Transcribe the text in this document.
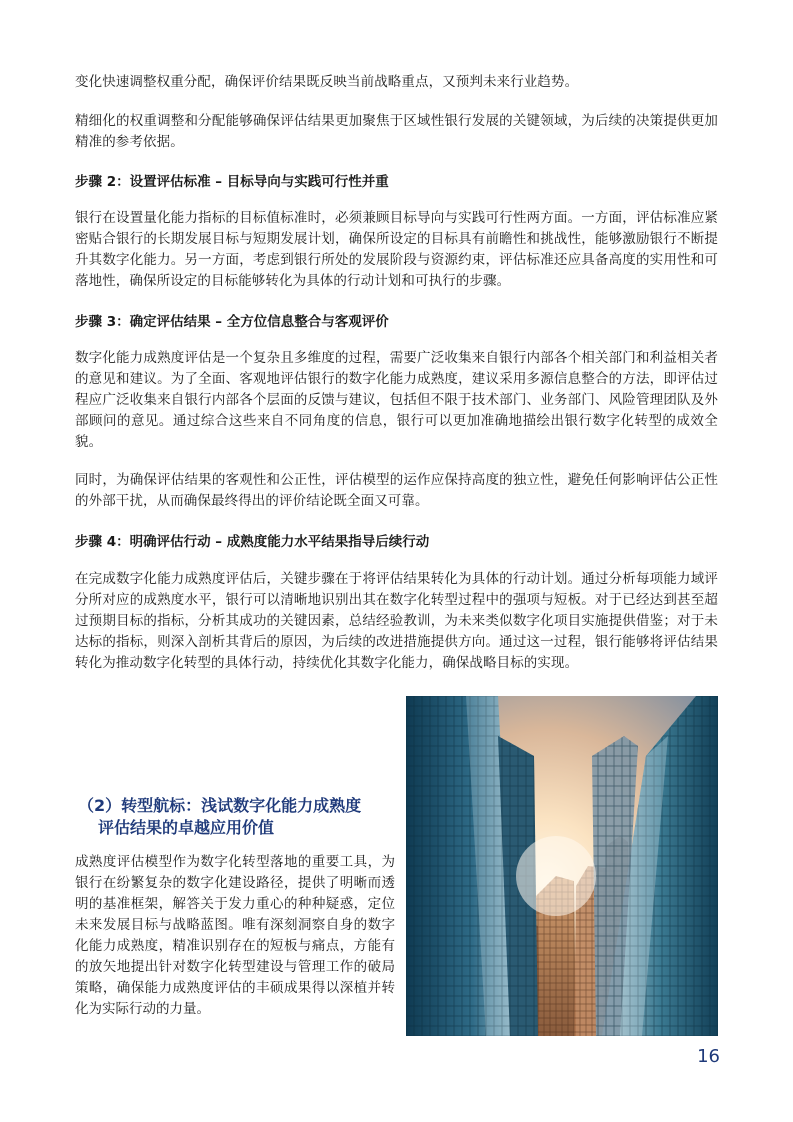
变化快速调整权重分配，确保评价结果既反映当前战略重点，又预判未来行业趋势。

精细化的权重调整和分配能够确保评估结果更加聚焦于区域性银行发展的关键领域，为后续的决策提供更加精准的参考依据。

步骤 2：设置评估标准 – 目标导向与实践可行性并重

银行在设置量化能力指标的目标值标准时，必须兼顾目标导向与实践可行性两方面。一方面，评估标准应紧密贴合银行的长期发展目标与短期发展计划，确保所设定的目标具有前瞻性和挑战性，能够激励银行不断提升其数字化能力。另一方面，考虑到银行所处的发展阶段与资源约束，评估标准还应具备高度的实用性和可落地性，确保所设定的目标能够转化为具体的行动计划和可执行的步骤。

步骤 3：确定评估结果 – 全方位信息整合与客观评价

数字化能力成熟度评估是一个复杂且多维度的过程，需要广泛收集来自银行内部各个相关部门和利益相关者的意见和建议。为了全面、客观地评估银行的数字化能力成熟度，建议采用多源信息整合的方法，即评估过程应广泛收集来自银行内部各个层面的反馈与建议，包括但不限于技术部门、业务部门、风险管理团队及外部顾问的意见。通过综合这些来自不同角度的信息，银行可以更加准确地描绘出银行数字化转型的成效全貌。

同时，为确保评估结果的客观性和公正性，评估模型的运作应保持高度的独立性，避免任何影响评估公正性的外部干扰，从而确保最终得出的评价结论既全面又可靠。

步骤 4：明确评估行动 – 成熟度能力水平结果指导后续行动

在完成数字化能力成熟度评估后，关键步骤在于将评估结果转化为具体的行动计划。通过分析每项能力域评分所对应的成熟度水平，银行可以清晰地识别出其在数字化转型过程中的强项与短板。对于已经达到甚至超过预期目标的指标，分析其成功的关键因素，总结经验教训，为未来类似数字化项目实施提供借鉴；对于未达标的指标，则深入剖析其背后的原因，为后续的改进措施提供方向。通过这一过程，银行能够将评估结果转化为推动数字化转型的具体行动，持续优化其数字化能力，确保战略目标的实现。

（2）转型航标：浅试数字化能力成熟度
评估结果的卓越应用价值

成熟度评估模型作为数字化转型落地的重要工具，为银行在纷繁复杂的数字化建设路径，提供了明晰而透明的基准框架，解答关于发力重心的种种疑惑，定位未来发展目标与战略蓝图。唯有深刻洞察自身的数字化能力成熟度，精准识别存在的短板与痛点，方能有的放矢地提出针对数字化转型建设与管理工作的破局策略，确保能力成熟度评估的丰硕成果得以深植并转化为实际行动的力量。

16
